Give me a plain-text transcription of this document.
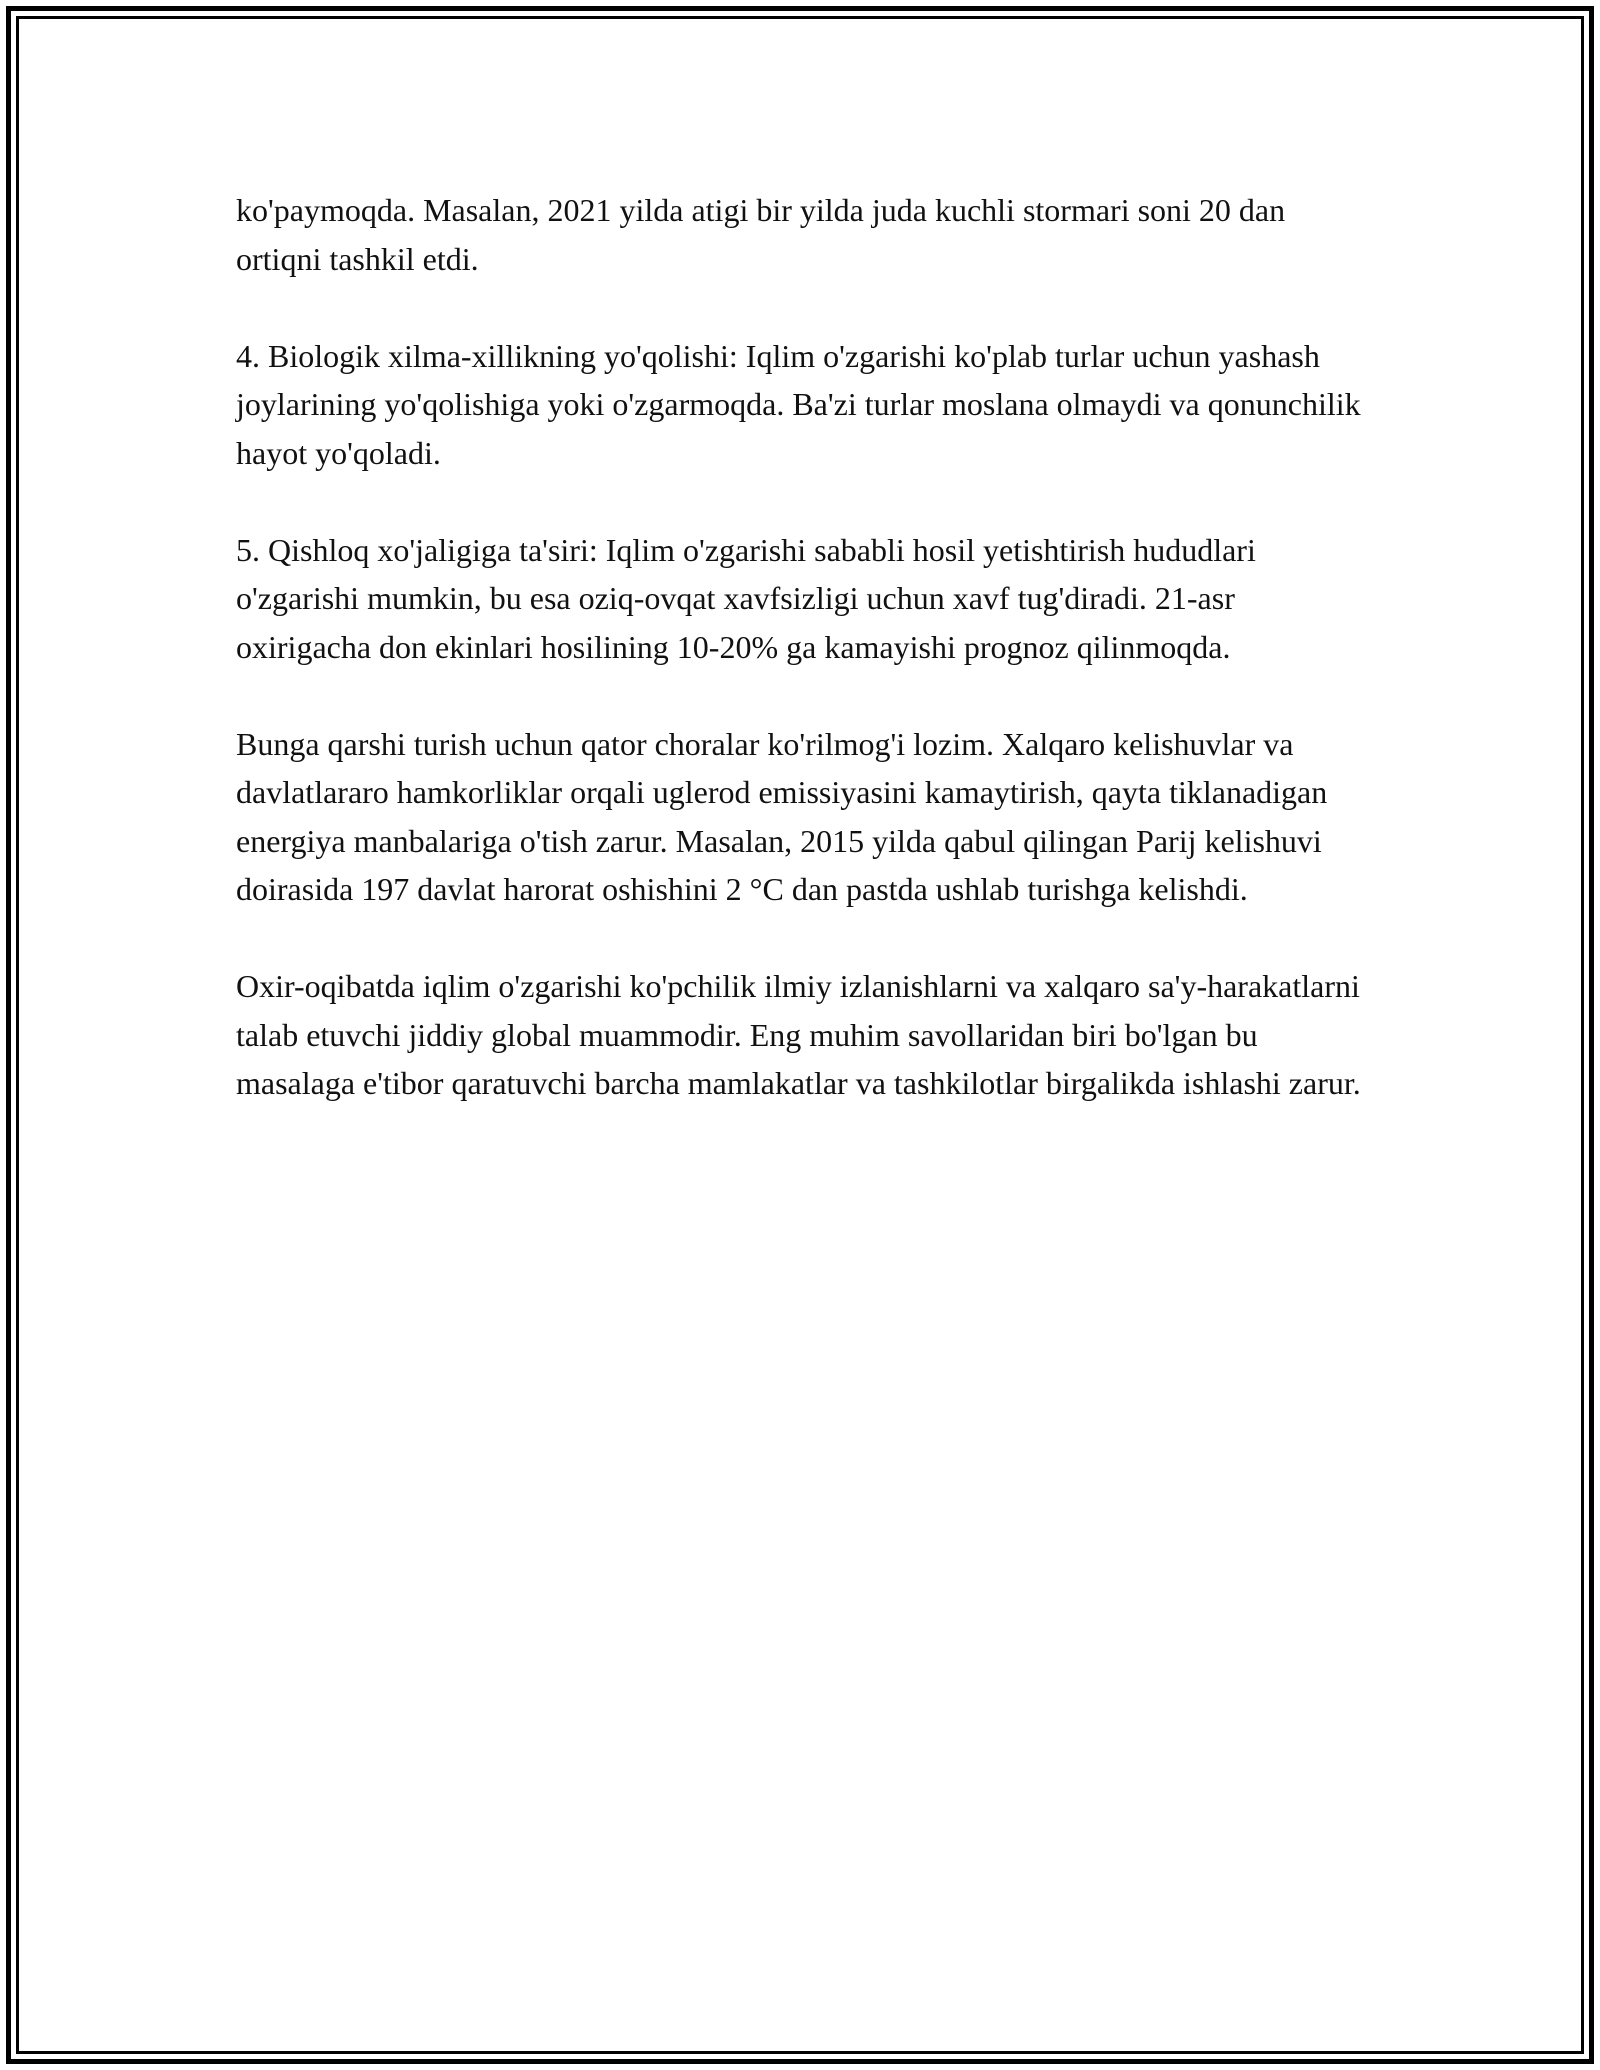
ko'paymoqda. Masalan, 2021 yilda atigi bir yilda juda kuchli stormari soni 20 dan ortiqni tashkil etdi.

4. Biologik xilma-xillikning yo'qolishi: Iqlim o'zgarishi ko'plab turlar uchun yashash joylarining yo'qolishiga yoki o'zgarmoqda. Ba'zi turlar moslana olmaydi va qonunchilik hayot yo'qoladi.

5. Qishloq xo'jaligiga ta'siri: Iqlim o'zgarishi sababli hosil yetishtirish hududlari o'zgarishi mumkin, bu esa oziq-ovqat xavfsizligi uchun xavf tug'diradi. 21-asr oxirigacha don ekinlari hosilining 10-20% ga kamayishi prognoz qilinmoqda.

Bunga qarshi turish uchun qator choralar ko'rilmog'i lozim. Xalqaro kelishuvlar va davlatlararo hamkorliklar orqali uglerod emissiyasini kamaytirish, qayta tiklanadigan energiya manbalariga o'tish zarur. Masalan, 2015 yilda qabul qilingan Parij kelishuvi doirasida 197 davlat harorat oshishini 2 °C dan pastda ushlab turishga kelishdi.

Oxir-oqibatda iqlim o'zgarishi ko'pchilik ilmiy izlanishlarni va xalqaro sa'y-harakatlarni talab etuvchi jiddiy global muammodir. Eng muhim savollaridan biri bo'lgan bu masalaga e'tibor qaratuvchi barcha mamlakatlar va tashkilotlar birgalikda ishlashi zarur.
